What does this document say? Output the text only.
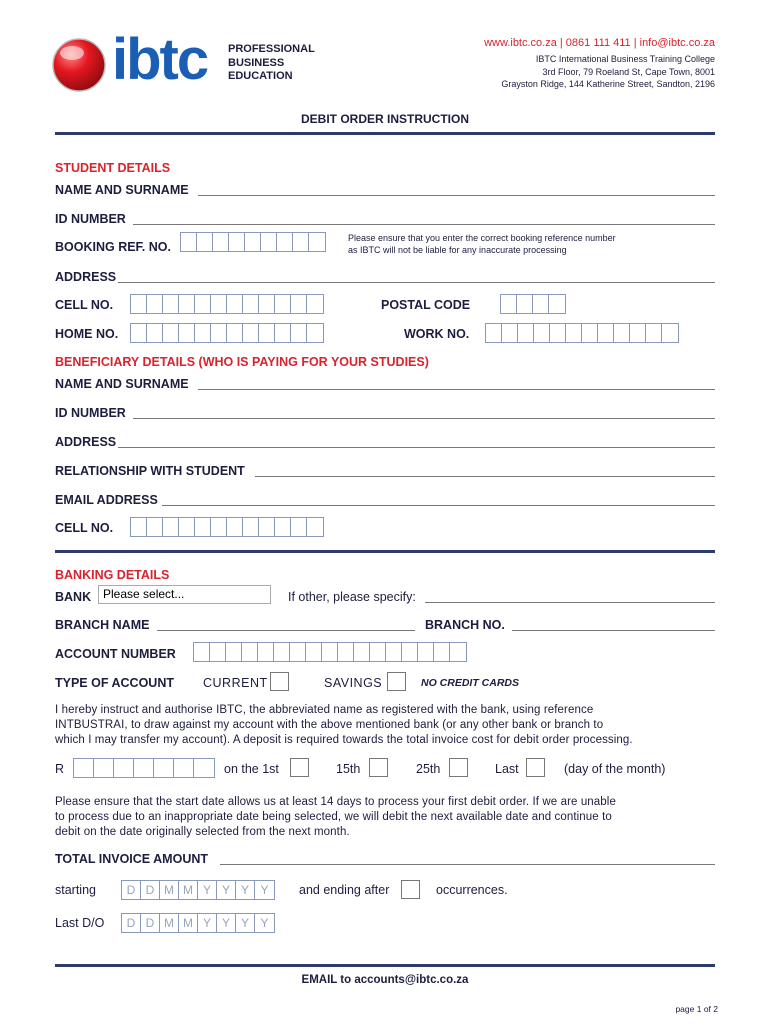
ibtc PROFESSIONAL
BUSINESS
EDUCATION
www.ibtc.co.za | 0861 111 411 | info@ibtc.co.za
IBTC International Business Training College
3rd Floor, 79 Roeland St, Cape Town, 8001
Grayston Ridge, 144 Katherine Street, Sandton, 2196
DEBIT ORDER INSTRUCTION
STUDENT DETAILS
NAME AND SURNAME
ID NUMBER
BOOKING REF. NO.
Please ensure that you enter the correct booking reference number
as IBTC will not be liable for any inaccurate processing
ADDRESS
CELL NO.	POSTAL CODE
HOME NO.	WORK NO.
BENEFICIARY DETAILS (WHO IS PAYING FOR YOUR STUDIES)
NAME AND SURNAME
ID NUMBER
ADDRESS
RELATIONSHIP WITH STUDENT
EMAIL ADDRESS
CELL NO.
BANKING DETAILS
BANK Please select...	If other, please specify:
BRANCH NAME	BRANCH NO.
ACCOUNT NUMBER
TYPE OF ACCOUNT CURRENT	SAVINGS	NO CREDIT CARDS
I hereby instruct and authorise IBTC, the abbreviated name as registered with the bank, using reference
INTBUSTRAI, to draw against my account with the above mentioned bank (or any other bank or branch to
which I may transfer my account). A deposit is required towards the total invoice cost for debit order processing.
R	on the 1st	15th	25th	Last	(day of the month)
Please ensure that the start date allows us at least 14 days to process your first debit order. If we are unable
to process due to an inappropriate date being selected, we will debit the next available date and continue to
debit on the date originally selected from the next month.
TOTAL INVOICE AMOUNT
starting	D D M M Y Y Y Y	and ending after	occurrences.
Last D/O	D D M M Y Y Y Y
EMAIL to accounts@ibtc.co.za
page 1 of 2
